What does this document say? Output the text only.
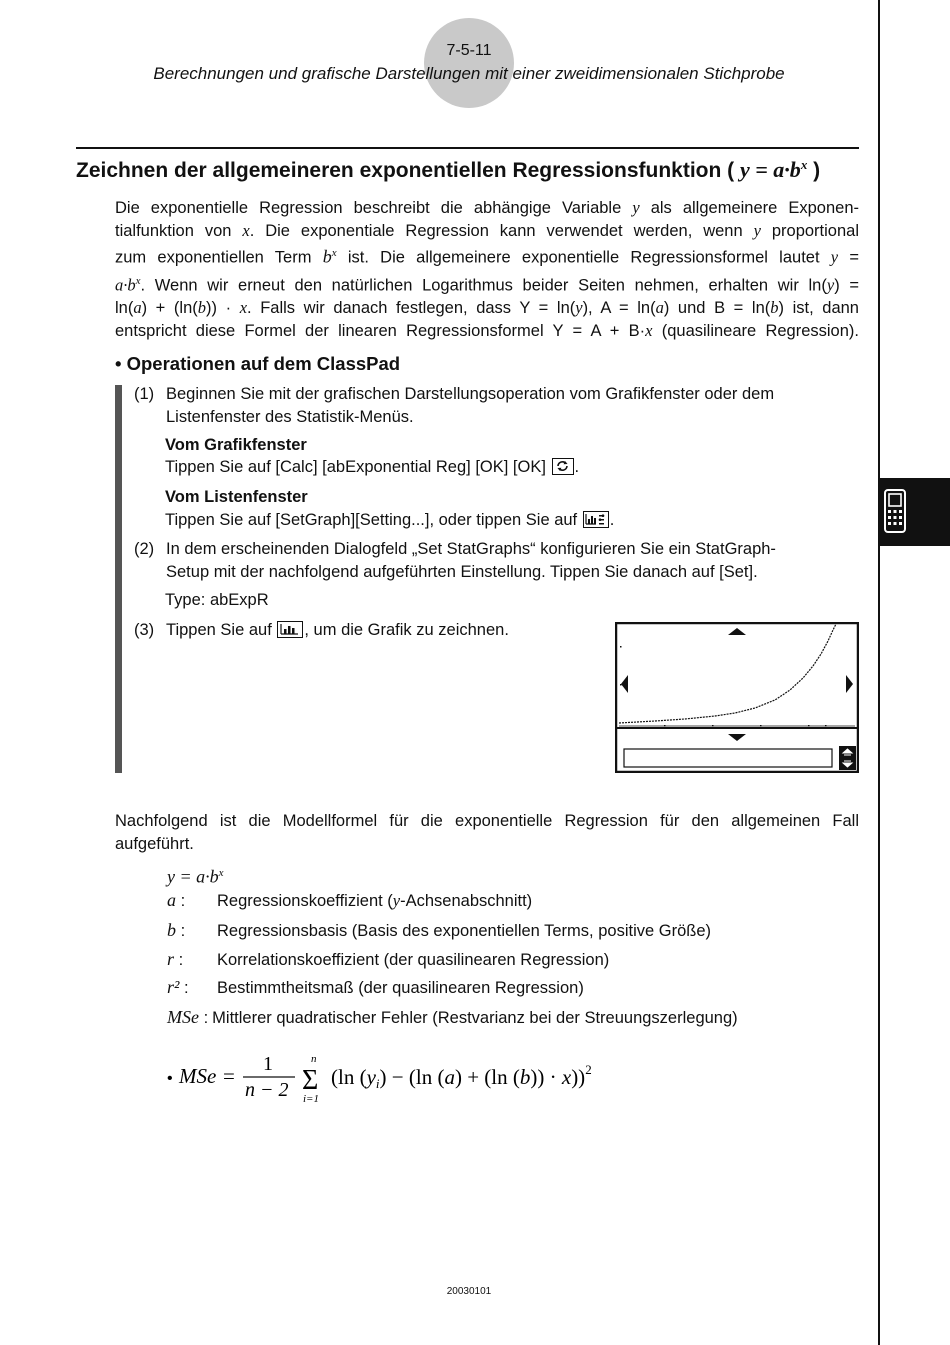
7-5-11
Berechnungen und grafische Darstellungen mit einer zweidimensionalen Stichprobe
Zeichnen der allgemeineren exponentiellen Regressionsfunktion ( $y = a\cdot b^x$ )
Die exponentielle Regression beschreibt die abhängige Variable y als allgemeinere Exponen-
tialfunktion von x. Die exponentiale Regression kann verwendet werden, wenn y proportional
zum exponentiellen Term $b^x$ ist. Die allgemeinere exponentielle Regressionsformel lautet y =
$a\cdot b^x$. Wenn wir erneut den natürlichen Logarithmus beider Seiten nehmen, erhalten wir ln(y) =
ln(a) + (ln(b)) · x. Falls wir danach festlegen, dass Y = ln(y), A = ln(a) und B = ln(b) ist, dann
entspricht diese Formel der linearen Regressionsformel Y = A + B·x (quasilineare Regression).
• Operationen auf dem ClassPad
(1) Beginnen Sie mit der grafischen Darstellungsoperation vom Grafikfenster oder dem
Listenfenster des Statistik-Menüs.
Vom Grafikfenster
Tippen Sie auf [Calc] [abExponential Reg] [OK] [OK] .
Vom Listenfenster
Tippen Sie auf [SetGraph][Setting...], oder tippen Sie auf .
(2) In dem erscheinenden Dialogfeld „Set StatGraphs“ konfigurieren Sie ein StatGraph-
Setup mit der nachfolgend aufgeführten Einstellung. Tippen Sie danach auf [Set].
Type: abExpR
(3) Tippen Sie auf , um die Grafik zu zeichnen.
Nachfolgend ist die Modellformel für die exponentielle Regression für den allgemeinen Fall
aufgeführt.
$y = a\cdot b^x$
a : Regressionskoeffizient (y-Achsenabschnitt)
b : Regressionsbasis (Basis des exponentiellen Terms, positive Größe)
r : Korrelationskoeffizient (der quasilinearen Regression)
r² : Bestimmtheitsmaß (der quasilinearen Regression)
MSe : Mittlerer quadratischer Fehler (Restvarianz bei der Streuungszerlegung)
• MSe = 1
n − 2
n
Σ
i=1
(ln (yi) − (ln (a) + (ln (b)) · x))$^2$
20030101
